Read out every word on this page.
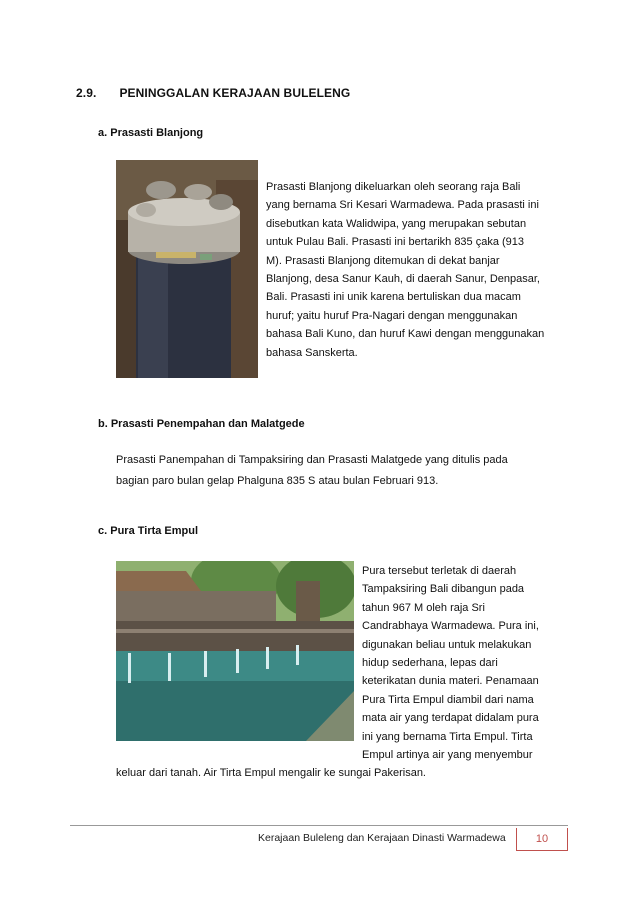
2.9. PENINGGALAN KERAJAAN BULELENG
a. Prasasti Blanjong
Prasasti Blanjong dikeluarkan oleh seorang raja Bali
yang bernama Sri Kesari Warmadewa. Pada prasasti ini
disebutkan kata Walidwipa, yang merupakan sebutan
untuk Pulau Bali. Prasasti ini bertarikh 835 çaka (913
M). Prasasti Blanjong ditemukan di dekat banjar
Blanjong, desa Sanur Kauh, di daerah Sanur, Denpasar,
Bali. Prasasti ini unik karena bertuliskan dua macam
huruf; yaitu huruf Pra-Nagari dengan menggunakan
bahasa Bali Kuno, dan huruf Kawi dengan menggunakan
bahasa Sanskerta.
b. Prasasti Penempahan dan Malatgede
Prasasti Panempahan di Tampaksiring dan Prasasti Malatgede yang ditulis pada
bagian paro bulan gelap Phalguna 835 S atau bulan Februari 913.
c. Pura Tirta Empul
Pura tersebut terletak di daerah
Tampaksiring Bali dibangun pada
tahun 967 M oleh raja Sri
Candrabhaya Warmadewa. Pura ini,
digunakan beliau untuk melakukan
hidup sederhana, lepas dari
keterikatan dunia materi. Penamaan
Pura Tirta Empul diambil dari nama
mata air yang terdapat didalam pura
ini yang bernama Tirta Empul. Tirta
Empul artinya air yang menyembur
keluar dari tanah. Air Tirta Empul mengalir ke sungai Pakerisan.
Kerajaan Buleleng dan Kerajaan Dinasti Warmadewa	10
